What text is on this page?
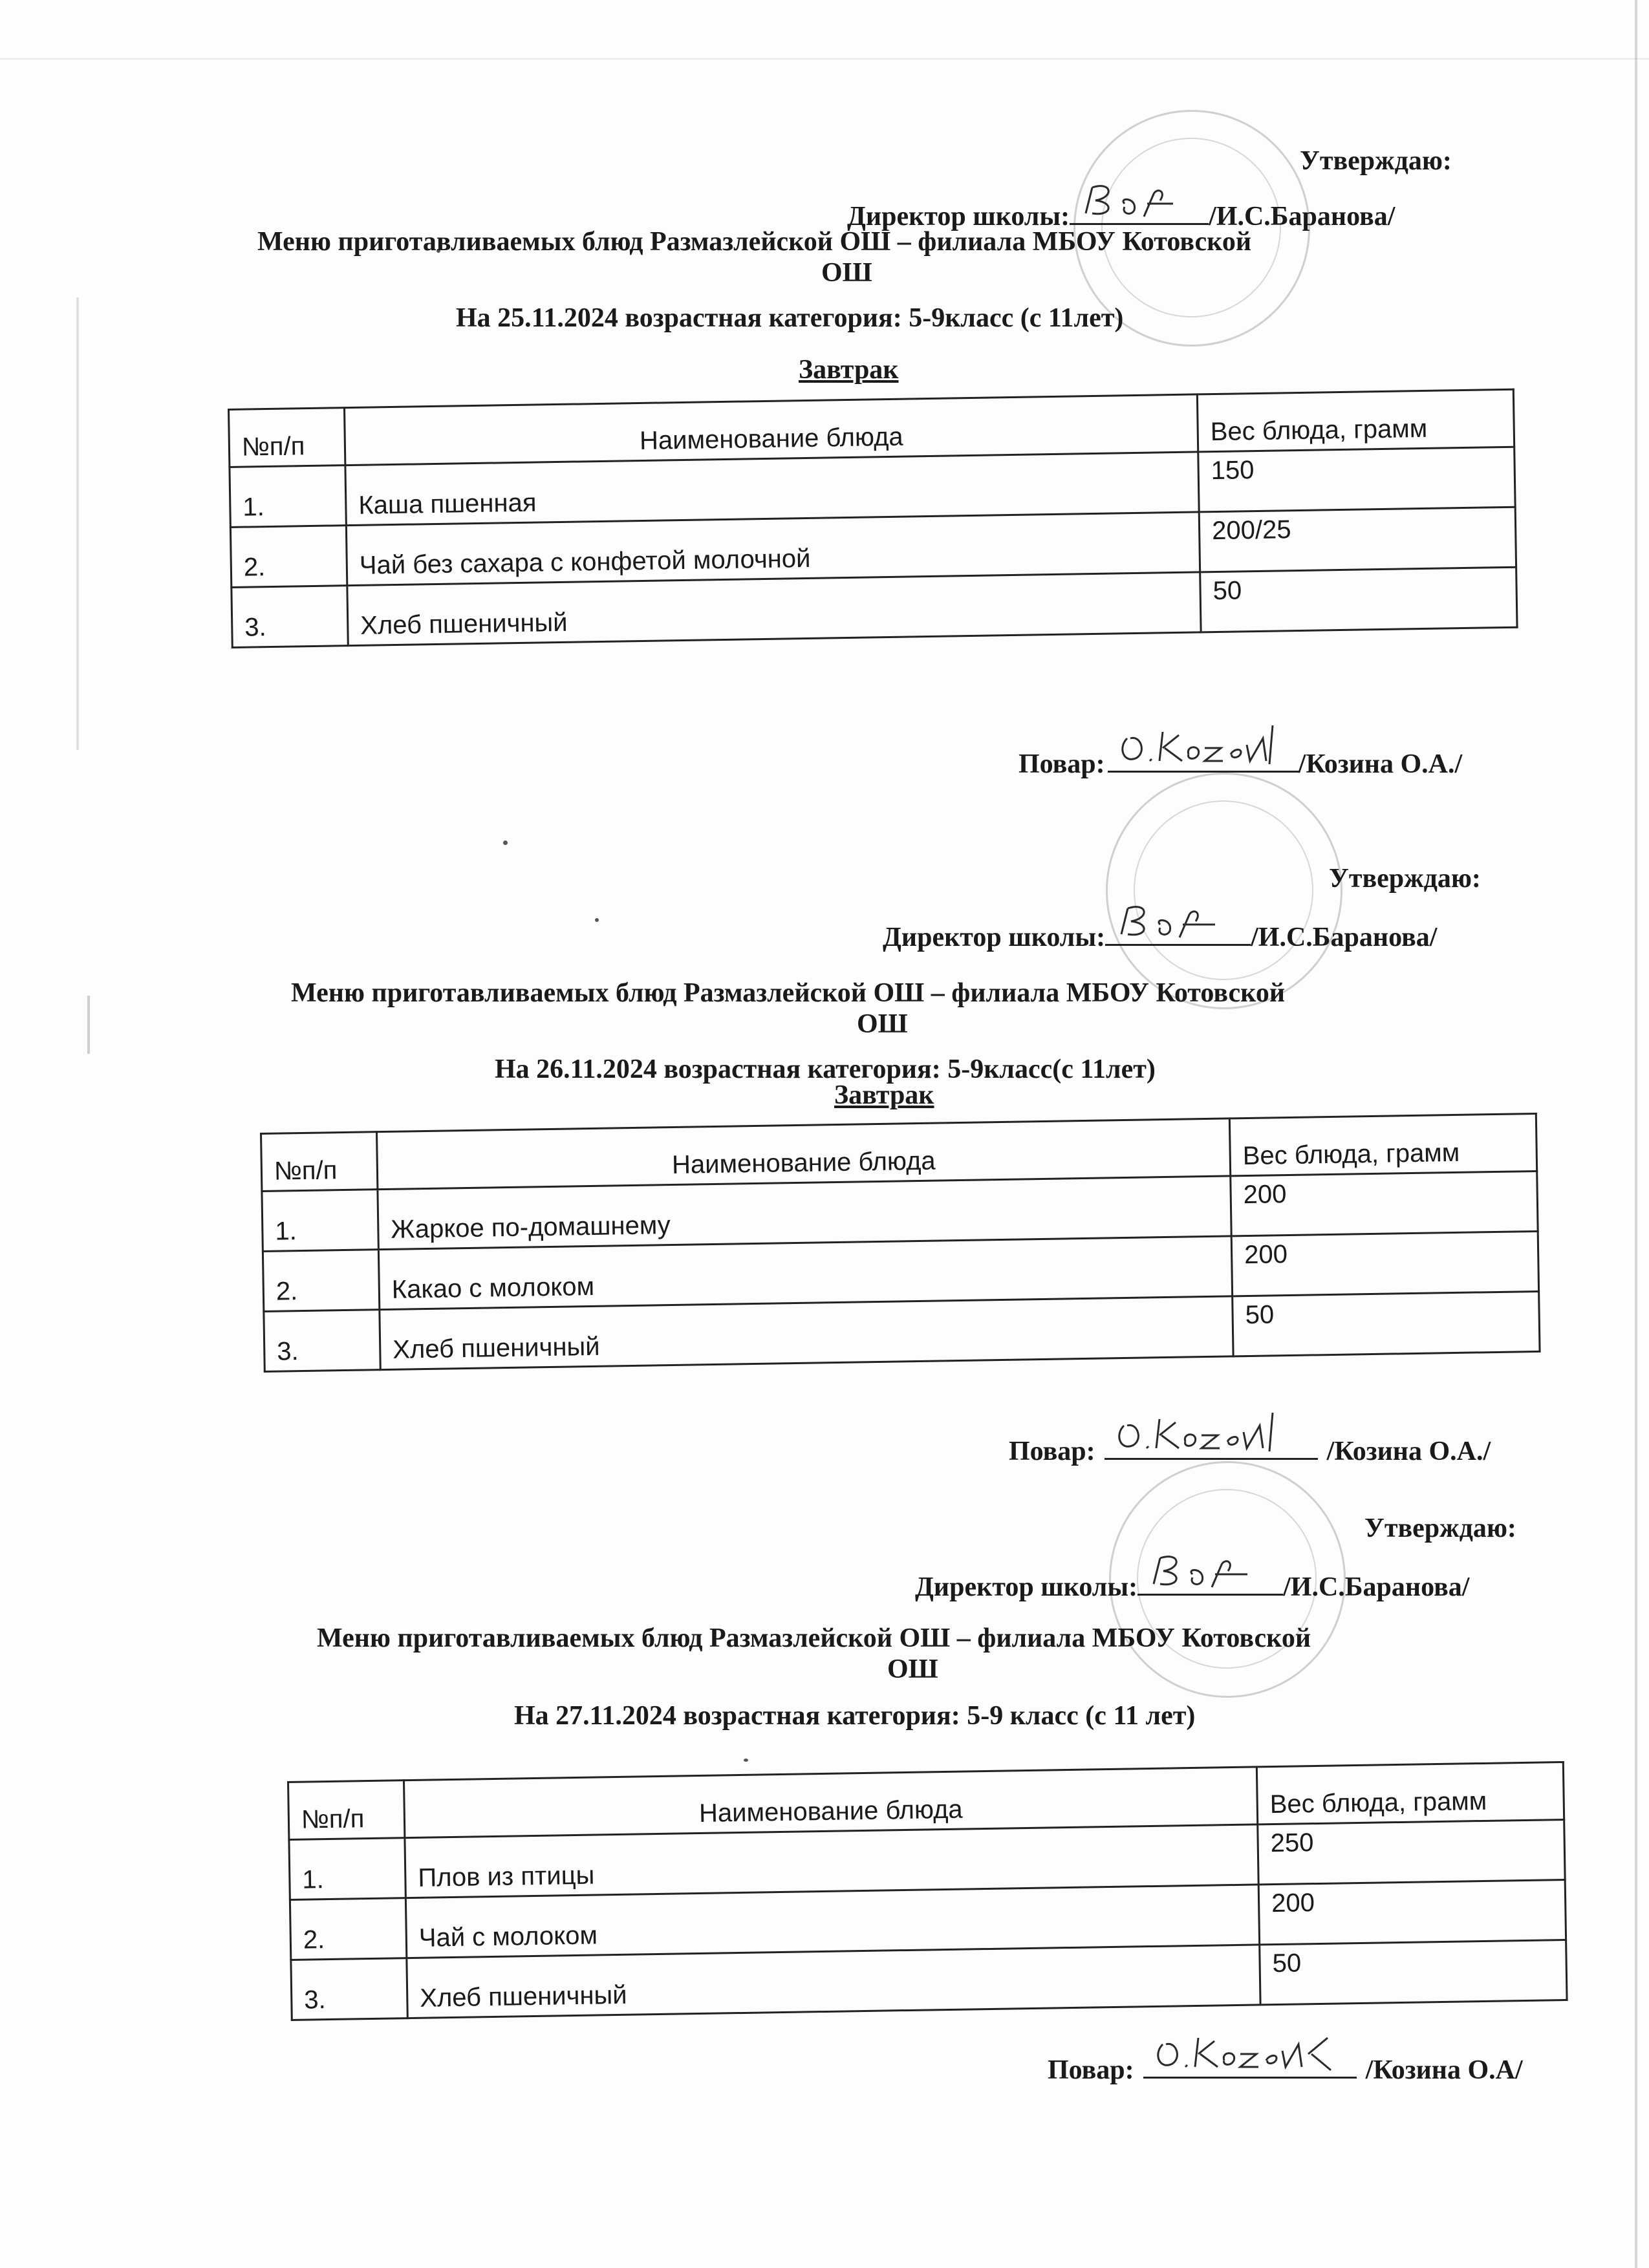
Утверждаю:
Директор школы:	/И.С.Баранова/
Меню приготавливаемых блюд Размазлейской ОШ – филиала МБОУ Котовской
ОШ
На 25.11.2024 возрастная категория: 5-9класс (с 11лет)
Завтрак
№п/п	Наименование блюда	Вес блюда, грамм
1.	Каша пшенная	150
2.	Чай без сахара с конфетой молочной	200/25
3.	Хлеб пшеничный	50
Повар:	/Козина О.А./
Утверждаю:
Директор школы:	/И.С.Баранова/
Меню приготавливаемых блюд Размазлейской ОШ – филиала МБОУ Котовской
ОШ
На 26.11.2024 возрастная категория: 5-9класс(с 11лет)
Завтрак
№п/п	Наименование блюда	Вес блюда, грамм
1.	Жаркое по-домашнему	200
2.	Какао с молоком	200
3.	Хлеб пшеничный	50
Повар:	/Козина О.А./
Утверждаю:
Директор школы:	/И.С.Баранова/
Меню приготавливаемых блюд Размазлейской ОШ – филиала МБОУ Котовской
ОШ
На 27.11.2024 возрастная категория: 5-9 класс (с 11 лет)
№п/п	Наименование блюда	Вес блюда, грамм
1.	Плов из птицы	250
2.	Чай с молоком	200
3.	Хлеб пшеничный	50
Повар:	/Козина О.А/
